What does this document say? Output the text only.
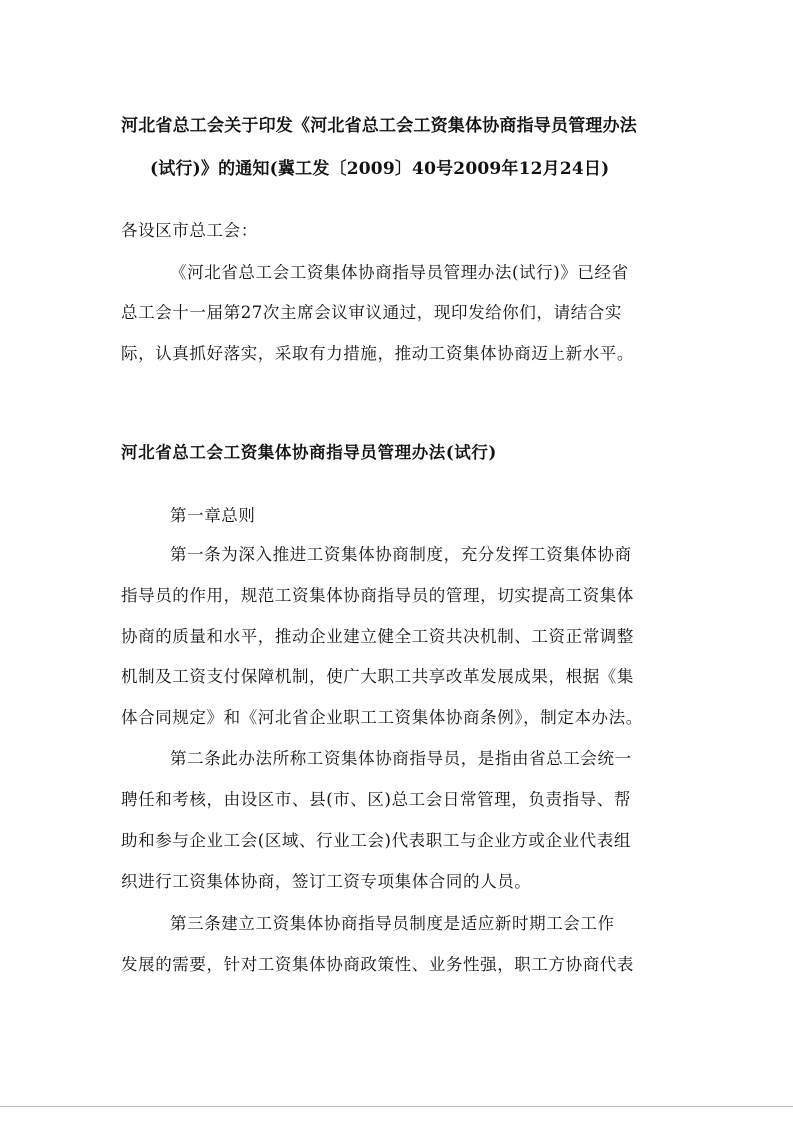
河北省总工会关于印发《河北省总工会工资集体协商指导员管理办法
(试行)》的通知(冀工发〔2009〕40号2009年12月24日)
各设区市总工会：
《河北省总工会工资集体协商指导员管理办法(试行)》已经省
总工会十一届第27次主席会议审议通过，现印发给你们，请结合实
际，认真抓好落实，采取有力措施，推动工资集体协商迈上新水平。
河北省总工会工资集体协商指导员管理办法(试行)
第一章总则
第一条为深入推进工资集体协商制度，充分发挥工资集体协商
指导员的作用，规范工资集体协商指导员的管理，切实提高工资集体
协商的质量和水平，推动企业建立健全工资共决机制、工资正常调整
机制及工资支付保障机制，使广大职工共享改革发展成果，根据《集
体合同规定》和《河北省企业职工工资集体协商条例》，制定本办法。
第二条此办法所称工资集体协商指导员，是指由省总工会统一
聘任和考核，由设区市、县(市、区)总工会日常管理，负责指导、帮
助和参与企业工会(区域、行业工会)代表职工与企业方或企业代表组
织进行工资集体协商，签订工资专项集体合同的人员。
第三条建立工资集体协商指导员制度是适应新时期工会工作
发展的需要，针对工资集体协商政策性、业务性强，职工方协商代表
